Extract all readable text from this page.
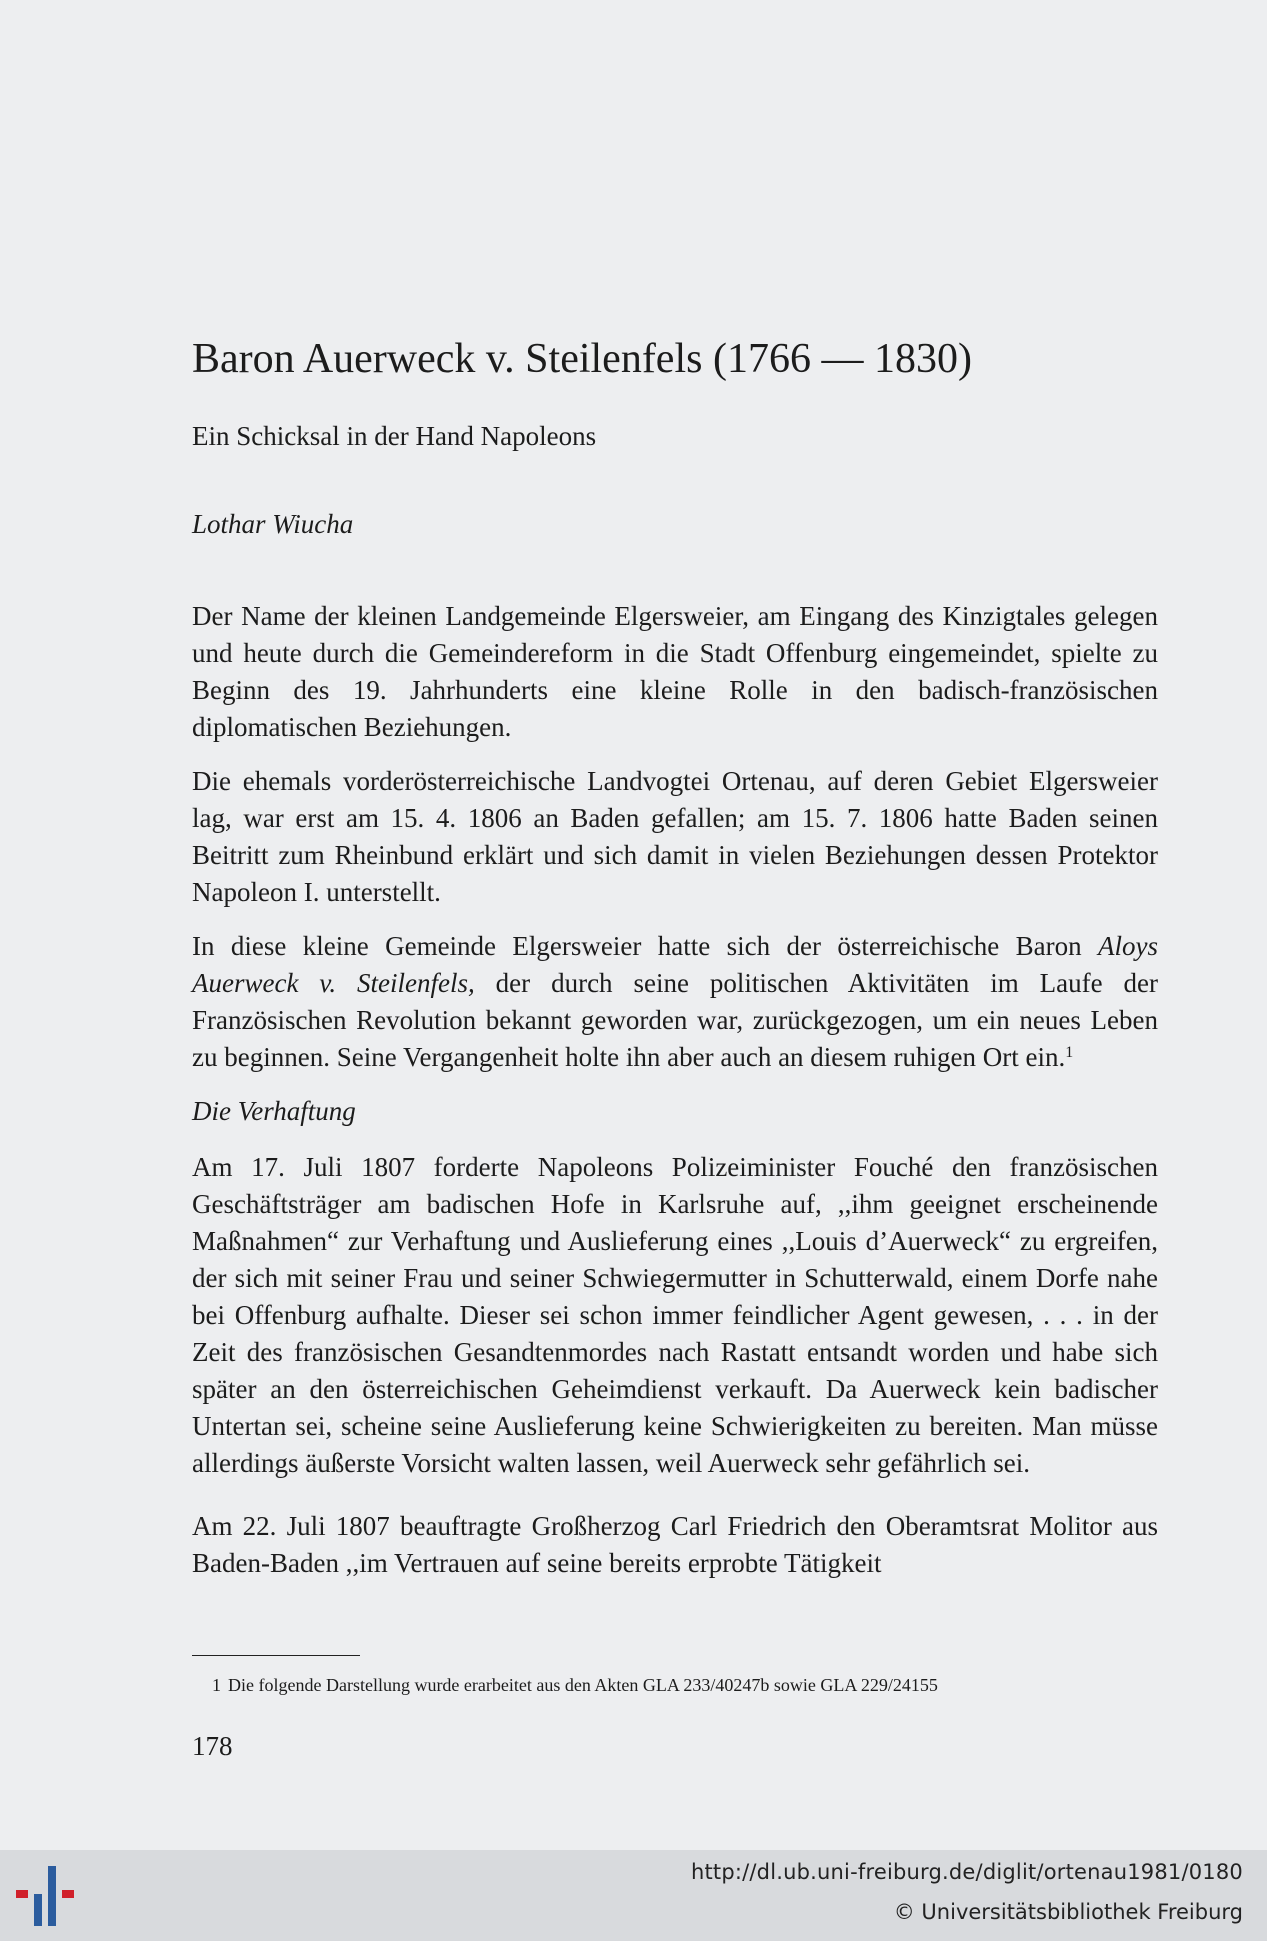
Baron Auerweck v. Steilenfels (1766 — 1830)

Ein Schicksal in der Hand Napoleons

Lothar Wiucha

Der Name der kleinen Landgemeinde Elgersweier, am Eingang des Kinzigtales gelegen und heute durch die Gemeindereform in die Stadt Offenburg eingemeindet, spielte zu Beginn des 19. Jahrhunderts eine kleine Rolle in den badisch-französischen diplomatischen Beziehungen.

Die ehemals vorderösterreichische Landvogtei Ortenau, auf deren Gebiet Elgersweier lag, war erst am 15. 4. 1806 an Baden gefallen; am 15. 7. 1806 hatte Baden seinen Beitritt zum Rheinbund erklärt und sich damit in vielen Beziehungen dessen Protektor Napoleon I. unterstellt.

In diese kleine Gemeinde Elgersweier hatte sich der österreichische Baron Aloys Auerweck v. Steilenfels, der durch seine politischen Aktivitäten im Laufe der Französischen Revolution bekannt geworden war, zurückgezogen, um ein neues Leben zu beginnen. Seine Vergangenheit holte ihn aber auch an diesem ruhigen Ort ein.$^1$

Die Verhaftung

Am 17. Juli 1807 forderte Napoleons Polizeiminister Fouché den französischen Geschäftsträger am badischen Hofe in Karlsruhe auf, ,,ihm geeignet erscheinende Maßnahmen“ zur Verhaftung und Auslieferung eines ,,Louis d’Auerweck“ zu ergreifen, der sich mit seiner Frau und seiner Schwiegermutter in Schutterwald, einem Dorfe nahe bei Offenburg aufhalte. Dieser sei schon immer feindlicher Agent gewesen, . . . in der Zeit des französischen Gesandtenmordes nach Rastatt entsandt worden und habe sich später an den österreichischen Geheimdienst verkauft. Da Auerweck kein badischer Untertan sei, scheine seine Auslieferung keine Schwierigkeiten zu bereiten. Man müsse allerdings äußerste Vorsicht walten lassen, weil Auerweck sehr gefährlich sei.

Am 22. Juli 1807 beauftragte Großherzog Carl Friedrich den Oberamtsrat Molitor aus Baden-Baden ,,im Vertrauen auf seine bereits erprobte Tätigkeit

1 Die folgende Darstellung wurde erarbeitet aus den Akten GLA 233/40247b sowie GLA 229/24155

178

http://dl.ub.uni-freiburg.de/diglit/ortenau1981/0180
© Universitätsbibliothek Freiburg
